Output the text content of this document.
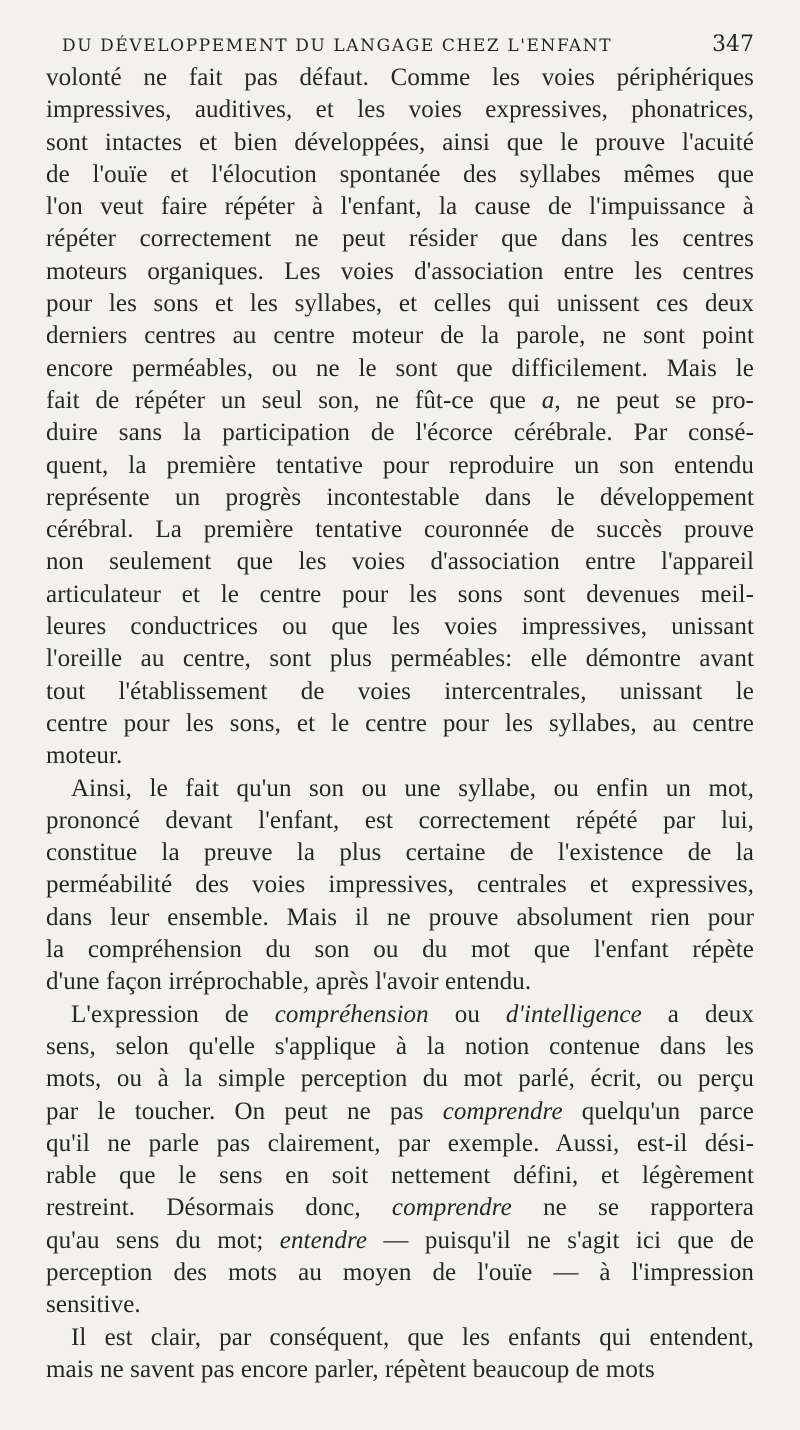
DU DÉVELOPPEMENT DU LANGAGE CHEZ L'ENFANT	347
volonté ne fait pas défaut. Comme les voies périphériques
impressives, auditives, et les voies expressives, phonatrices,
sont intactes et bien développées, ainsi que le prouve l'acuité
de l'ouïe et l'élocution spontanée des syllabes mêmes que
l'on veut faire répéter à l'enfant, la cause de l'impuissance à
répéter correctement ne peut résider que dans les centres
moteurs organiques. Les voies d'association entre les centres
pour les sons et les syllabes, et celles qui unissent ces deux
derniers centres au centre moteur de la parole, ne sont point
encore perméables, ou ne le sont que difficilement. Mais le
fait de répéter un seul son, ne fût-ce que a, ne peut se pro-
duire sans la participation de l'écorce cérébrale. Par consé-
quent, la première tentative pour reproduire un son entendu
représente un progrès incontestable dans le développement
cérébral. La première tentative couronnée de succès prouve
non seulement que les voies d'association entre l'appareil
articulateur et le centre pour les sons sont devenues meil-
leures conductrices ou que les voies impressives, unissant
l'oreille au centre, sont plus perméables: elle démontre avant
tout l'établissement de voies intercentrales, unissant le
centre pour les sons, et le centre pour les syllabes, au centre
moteur.
Ainsi, le fait qu'un son ou une syllabe, ou enfin un mot,
prononcé devant l'enfant, est correctement répété par lui,
constitue la preuve la plus certaine de l'existence de la
perméabilité des voies impressives, centrales et expressives,
dans leur ensemble. Mais il ne prouve absolument rien pour
la compréhension du son ou du mot que l'enfant répète
d'une façon irréprochable, après l'avoir entendu.
L'expression de compréhension ou d'intelligence a deux
sens, selon qu'elle s'applique à la notion contenue dans les
mots, ou à la simple perception du mot parlé, écrit, ou perçu
par le toucher. On peut ne pas comprendre quelqu'un parce
qu'il ne parle pas clairement, par exemple. Aussi, est-il dési-
rable que le sens en soit nettement défini, et légèrement
restreint. Désormais donc, comprendre ne se rapportera
qu'au sens du mot; entendre — puisqu'il ne s'agit ici que de
perception des mots au moyen de l'ouïe — à l'impression
sensitive.
Il est clair, par conséquent, que les enfants qui entendent,
mais ne savent pas encore parler, répètent beaucoup de mots
